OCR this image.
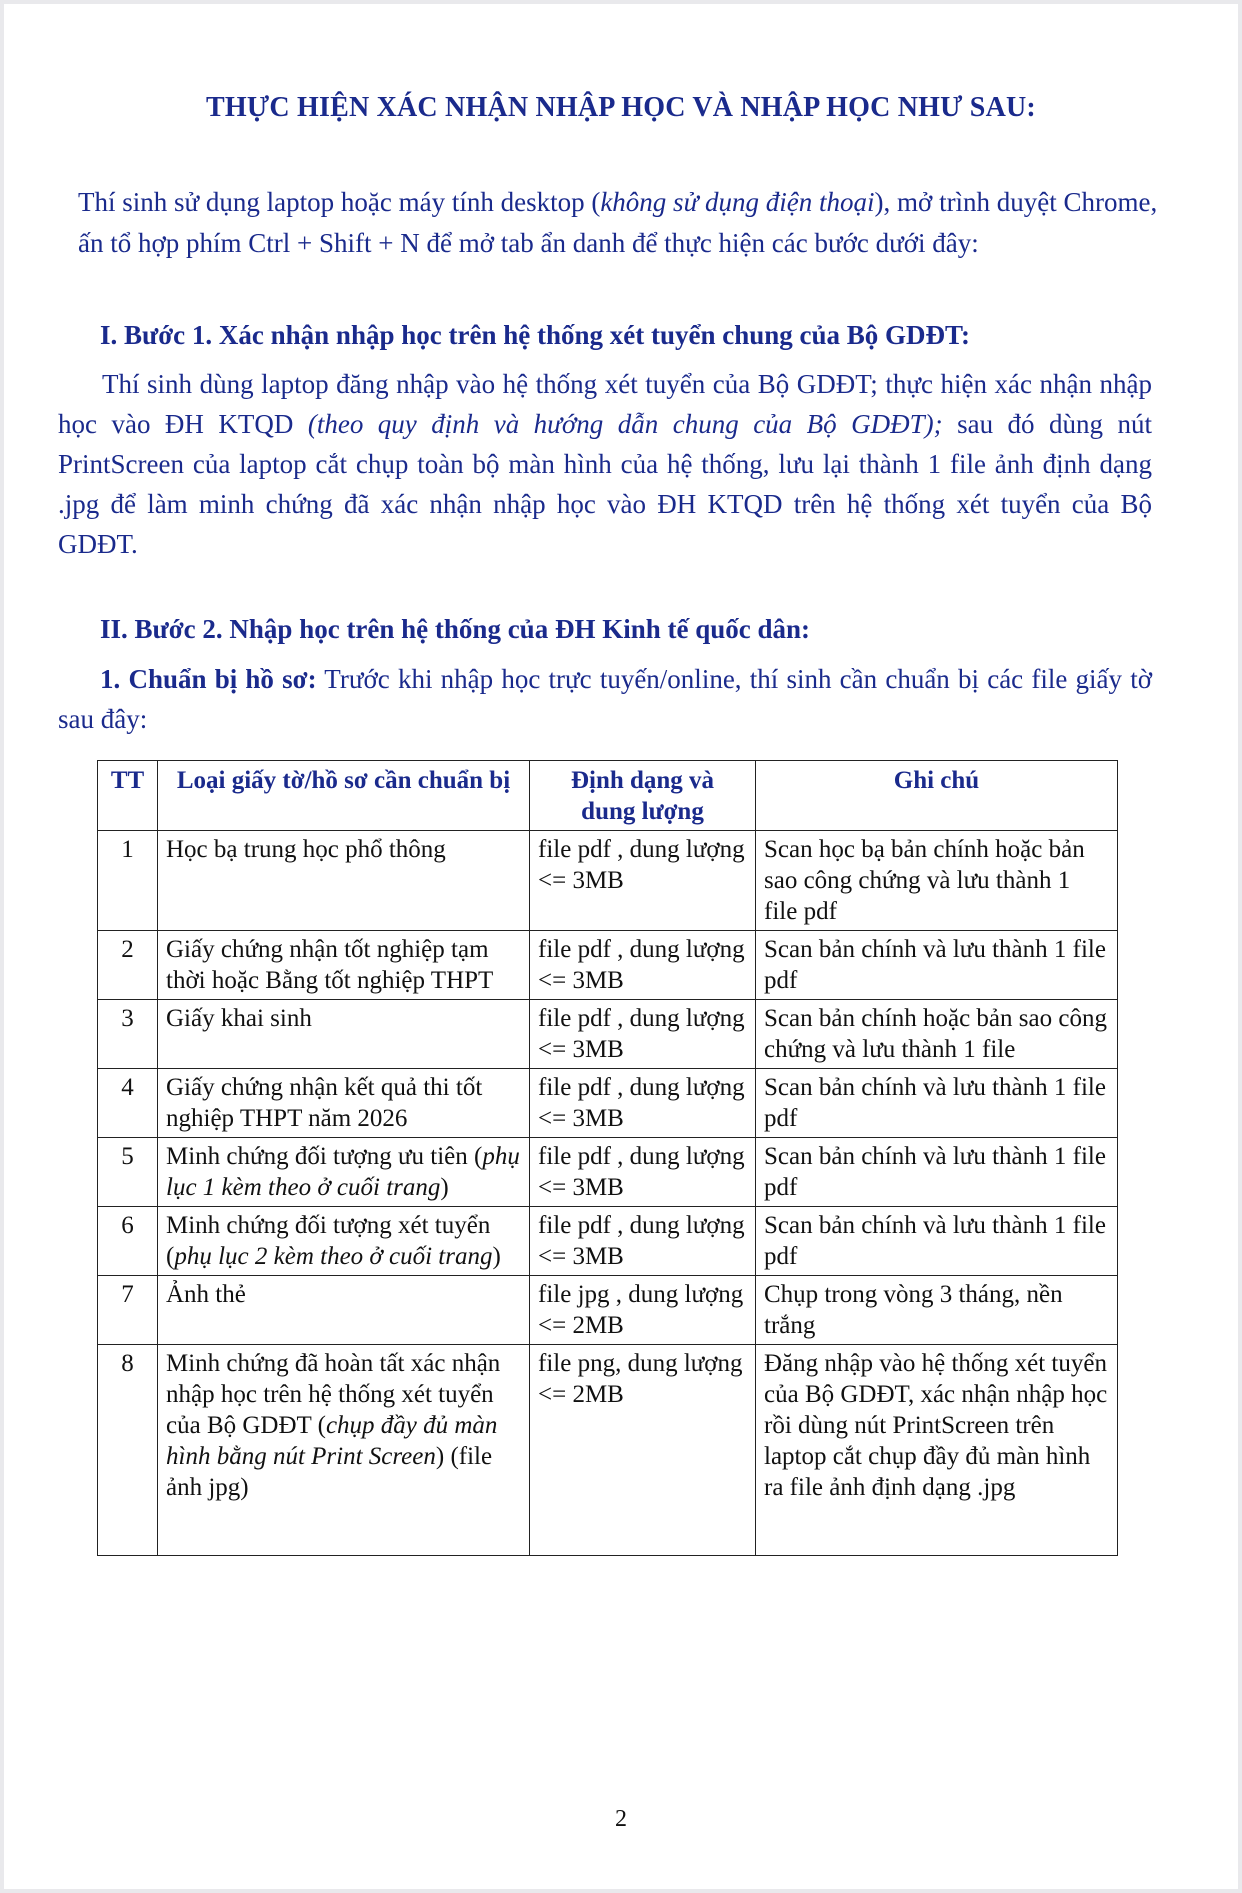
THỰC HIỆN XÁC NHẬN NHẬP HỌC VÀ NHẬP HỌC NHƯ SAU:
Thí sinh sử dụng laptop hoặc máy tính desktop (không sử dụng điện thoại), mở trình duyệt Chrome, ấn tổ hợp phím Ctrl + Shift + N để mở tab ẩn danh để thực hiện các bước dưới đây:
I. Bước 1. Xác nhận nhập học trên hệ thống xét tuyển chung của Bộ GDĐT:
Thí sinh dùng laptop đăng nhập vào hệ thống xét tuyển của Bộ GDĐT; thực hiện xác nhận nhập học vào ĐH KTQD (theo quy định và hướng dẫn chung của Bộ GDĐT); sau đó dùng nút PrintScreen của laptop cắt chụp toàn bộ màn hình của hệ thống, lưu lại thành 1 file ảnh định dạng .jpg để làm minh chứng đã xác nhận nhập học vào ĐH KTQD trên hệ thống xét tuyển của Bộ GDĐT.
II. Bước 2. Nhập học trên hệ thống của ĐH Kinh tế quốc dân:
1. Chuẩn bị hồ sơ: Trước khi nhập học trực tuyến/online, thí sinh cần chuẩn bị các file giấy tờ sau đây:
TT	Loại giấy tờ/hồ sơ cần chuẩn bị	Định dạng và dung lượng	Ghi chú
1	Học bạ trung học phổ thông	file pdf , dung lượng <= 3MB	Scan học bạ bản chính hoặc bản sao công chứng và lưu thành 1 file pdf
2	Giấy chứng nhận tốt nghiệp tạm thời hoặc Bằng tốt nghiệp THPT	file pdf , dung lượng <= 3MB	Scan bản chính và lưu thành 1 file pdf
3	Giấy khai sinh	file pdf , dung lượng <= 3MB	Scan bản chính hoặc bản sao công chứng và lưu thành 1 file
4	Giấy chứng nhận kết quả thi tốt nghiệp THPT năm 2026	file pdf , dung lượng <= 3MB	Scan bản chính và lưu thành 1 file pdf
5	Minh chứng đối tượng ưu tiên (phụ lục 1 kèm theo ở cuối trang)	file pdf , dung lượng <= 3MB	Scan bản chính và lưu thành 1 file pdf
6	Minh chứng đối tượng xét tuyển (phụ lục 2 kèm theo ở cuối trang)	file pdf , dung lượng <= 3MB	Scan bản chính và lưu thành 1 file pdf
7	Ảnh thẻ	file jpg , dung lượng <= 2MB	Chụp trong vòng 3 tháng, nền trắng
8	Minh chứng đã hoàn tất xác nhận nhập học trên hệ thống xét tuyển của Bộ GDĐT (chụp đầy đủ màn hình bằng nút Print Screen) (file ảnh jpg)	file png, dung lượng <= 2MB	Đăng nhập vào hệ thống xét tuyển của Bộ GDĐT, xác nhận nhập học rồi dùng nút PrintScreen trên laptop cắt chụp đầy đủ màn hình ra file ảnh định dạng .jpg
2
